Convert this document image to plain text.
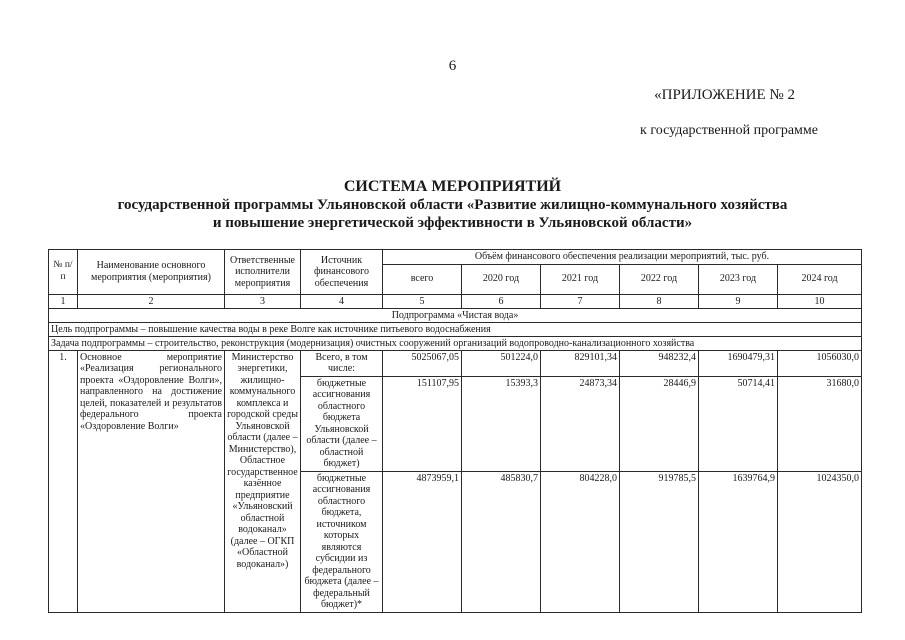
6
«ПРИЛОЖЕНИЕ № 2
к государственной программе
СИСТЕМА МЕРОПРИЯТИЙ
государственной программы Ульяновской области «Развитие жилищно-коммунального хозяйства
и повышение энергетической эффективности в Ульяновской области»
№ п/п	Наименование основного мероприятия (мероприятия)	Ответственные исполнители мероприятия	Источник финансового обеспечения	Объём финансового обеспечения реализации мероприятий, тыс. руб.					
				всего	2020 год	2021 год	2022 год	2023 год	2024 год
1	2	3	4	5	6	7	8	9	10
Подпрограмма «Чистая вода»									
Цель подпрограммы – повышение качества воды в реке Волге как источнике питьевого водоснабжения									
Задача подпрограммы – строительство, реконструкция (модернизация) очистных сооружений организаций водопроводно-канализационного хозяйства									
1.	Основное мероприятие «Реализация регионального проекта «Оздоровление Волги», направленного на достижение целей, показателей и результатов федерального проекта «Оздоровление Волги»	Министерство энергетики, жилищно-коммунального комплекса и городской среды Ульяновской области (далее – Министерство), Областное государственное казённое предприятие «Ульяновский областной водоканал» (далее – ОГКП «Областной водоканал»)	Всего, в том числе:	5025067,05	501224,0	829101,34	948232,4	1690479,31	1056030,0
			бюджетные ассигнования областного бюджета Ульяновской области (далее – областной бюджет)	151107,95	15393,3	24873,34	28446,9	50714,41	31680,0
			бюджетные ассигнования областного бюджета, источником которых являются субсидии из федерального бюджета (далее – федеральный бюджет)*	4873959,1	485830,7	804228,0	919785,5	1639764,9	1024350,0
